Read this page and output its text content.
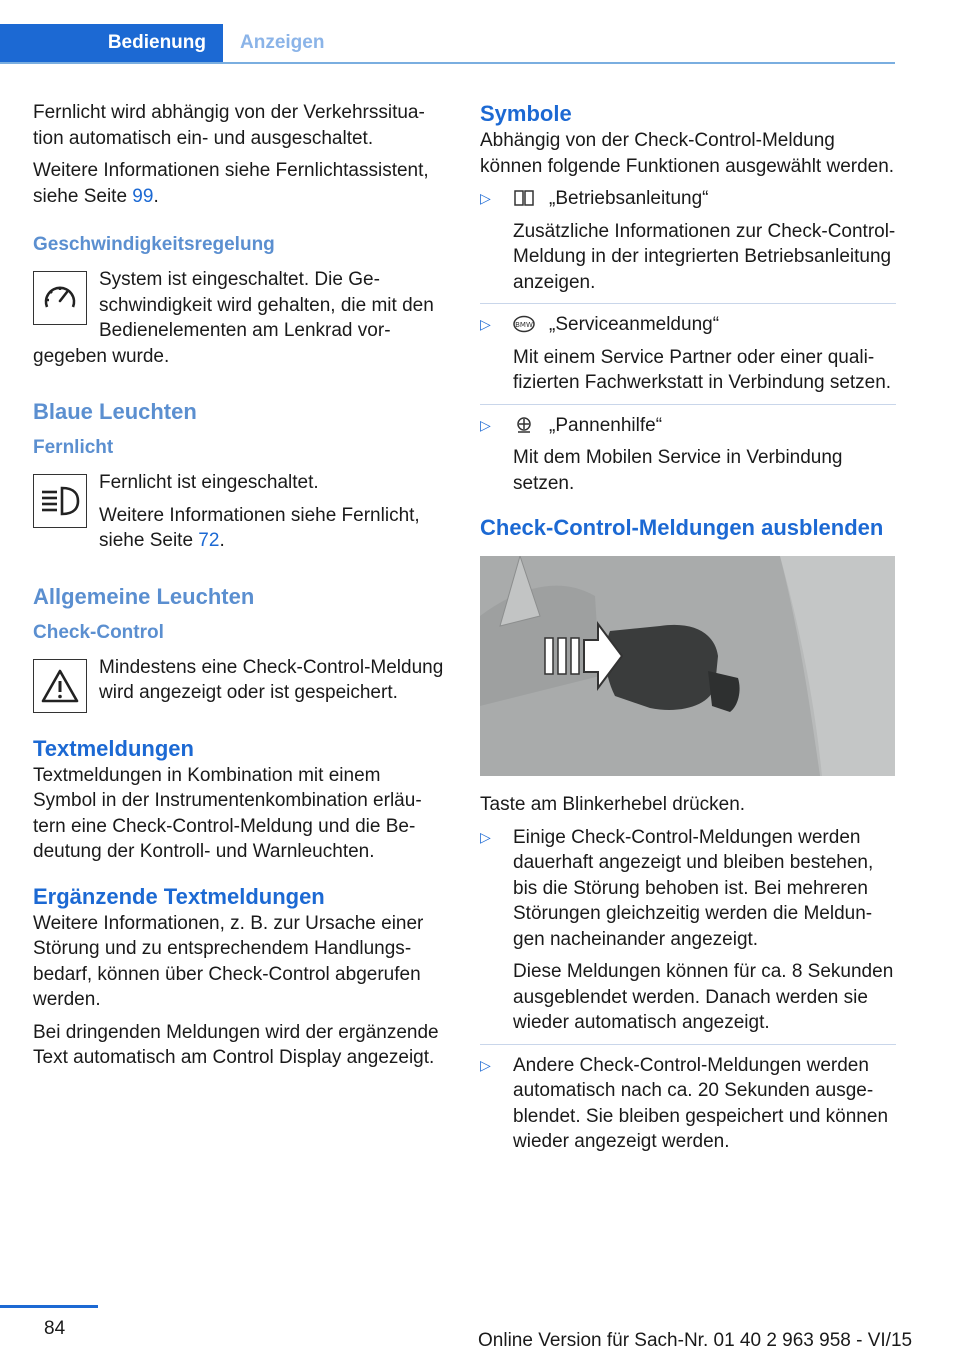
Bedienung	Anzeigen

Fernlicht wird abhängig von der Verkehrssituation automatisch ein- und ausgeschaltet.

Weitere Informationen siehe Fernlichtassistent, siehe Seite 99.

Geschwindigkeitsregelung

System ist eingeschaltet. Die Geschwindigkeit wird gehalten, die mit den Bedienelementen am Lenkrad vorgegeben wurde.

Blaue Leuchten
Fernlicht

Fernlicht ist eingeschaltet.

Weitere Informationen siehe Fernlicht, siehe Seite 72.

Allgemeine Leuchten
Check-Control

Mindestens eine Check-Control-Meldung wird angezeigt oder ist gespeichert.

Textmeldungen

Textmeldungen in Kombination mit einem Symbol in der Instrumentenkombination erläutern eine Check-Control-Meldung und die Bedeutung der Kontroll- und Warnleuchten.

Ergänzende Textmeldungen

Weitere Informationen, z. B. zur Ursache einer Störung und zu entsprechendem Handlungsbedarf, können über Check-Control abgerufen werden.

Bei dringenden Meldungen wird der ergänzende Text automatisch am Control Display angezeigt.

Symbole

Abhängig von der Check-Control-Meldung können folgende Funktionen ausgewählt werden.

▷	„Betriebsanleitung“

Zusätzliche Informationen zur Check-Control-Meldung in der integrierten Betriebsanleitung anzeigen.

▷	BMW „Serviceanmeldung“

Mit einem Service Partner oder einer qualifizierten Fachwerkstatt in Verbindung setzen.

▷	„Pannenhilfe“

Mit dem Mobilen Service in Verbindung setzen.

Check-Control-Meldungen ausblenden

Taste am Blinkerhebel drücken.

▷ Einige Check-Control-Meldungen werden dauerhaft angezeigt und bleiben bestehen, bis die Störung behoben ist. Bei mehreren Störungen gleichzeitig werden die Meldungen nacheinander angezeigt.

Diese Meldungen können für ca. 8 Sekunden ausgeblendet werden. Danach werden sie wieder automatisch angezeigt.

▷ Andere Check-Control-Meldungen werden automatisch nach ca. 20 Sekunden ausgeblendet. Sie bleiben gespeichert und können wieder angezeigt werden.

84
Online Version für Sach-Nr. 01 40 2 963 958 - VI/15
